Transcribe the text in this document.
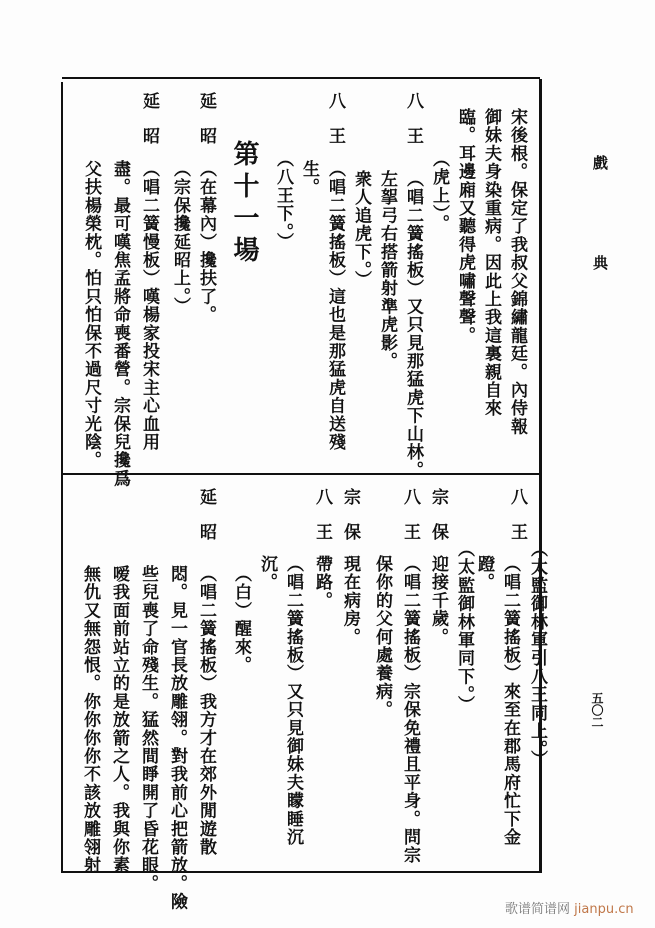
戲
典
五〇二
宋後根。保定了我叔父錦繡龍廷。內侍報
御妹夫身染重病。因此上我這裏親自來
臨。耳邊廂又聽得虎嘯聲聲。
（虎上）。
八王
（唱二簧搖板）又只見那猛虎下山林。
左挐弓右搭箭射準虎影。
衆人追虎下。）
八王
（唱二簧搖板）這也是那猛虎自送殘
生。
（八王下。）
第十一場
延昭
（在幕內）攙扶了。
（宗保攙延昭上。）
延昭
（唱二簧慢板）嘆楊家投宋主心血用
盡。最可嘆焦孟將命喪番營。宗保兒攙爲
父扶楊榮枕。怕只怕保不過尺寸光陰。
八王
（太監御林軍引八王同上。）
（唱二簧搖板）來至在郡馬府忙下金
蹬。
宗保
迎接千歲。 （太監御林軍同下。）
八王
（唱二簧搖板）宗保免禮且平身。問宗
保你的父何處養病。
宗保
現在病房。
八王
帶路。
（唱二簧搖板）又只見御妹夫矇睡沉
沉。
（白）醒來。
延昭
（唱二簧搖板）我方才在郊外閒遊散
悶。見一官長放雕翎。對我前心把箭放。險
些兒喪了命殘生。猛然間睜開了昏花眼。
嗳我面前站立的是放箭之人。我與你素
無仇又無怨恨。你你你你不該放雕翎射
歌谱简谱网 jianpu.cn
